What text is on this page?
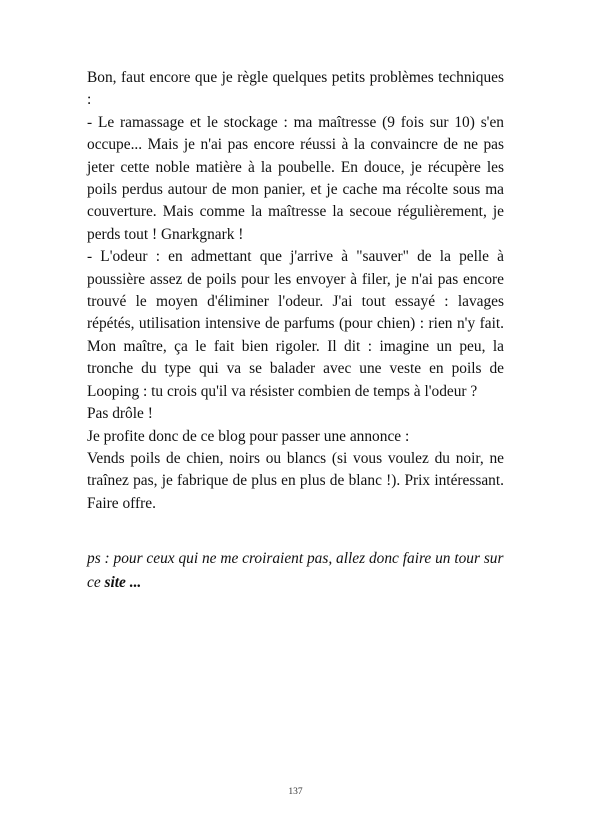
Bon, faut encore que je règle quelques petits problèmes techniques :

- Le ramassage et le stockage : ma maîtresse (9 fois sur 10) s'en occupe... Mais je n'ai pas encore réussi à la convaincre de ne pas jeter cette noble matière à la poubelle. En douce, je récupère les poils perdus autour de mon panier, et je cache ma récolte sous ma couverture. Mais comme la maîtresse la secoue régulièrement, je perds tout ! Gnarkgnark !

- L'odeur : en admettant que j'arrive à "sauver" de la pelle à poussière assez de poils pour les envoyer à filer, je n'ai pas encore trouvé le moyen d'éliminer l'odeur. J'ai tout essayé : lavages répétés, utilisation intensive de parfums (pour chien) : rien n'y fait. Mon maître, ça le fait bien rigoler. Il dit : imagine un peu, la tronche du type qui va se balader avec une veste en poils de Looping : tu crois qu'il va résister combien de temps à l'odeur ?

Pas drôle !

Je profite donc de ce blog pour passer une annonce :

Vends poils de chien, noirs ou blancs (si vous voulez du noir, ne traînez pas, je fabrique de plus en plus de blanc !). Prix intéressant. Faire offre.

ps : pour ceux qui ne me croiraient pas, allez donc faire un tour sur ce site ...

137
